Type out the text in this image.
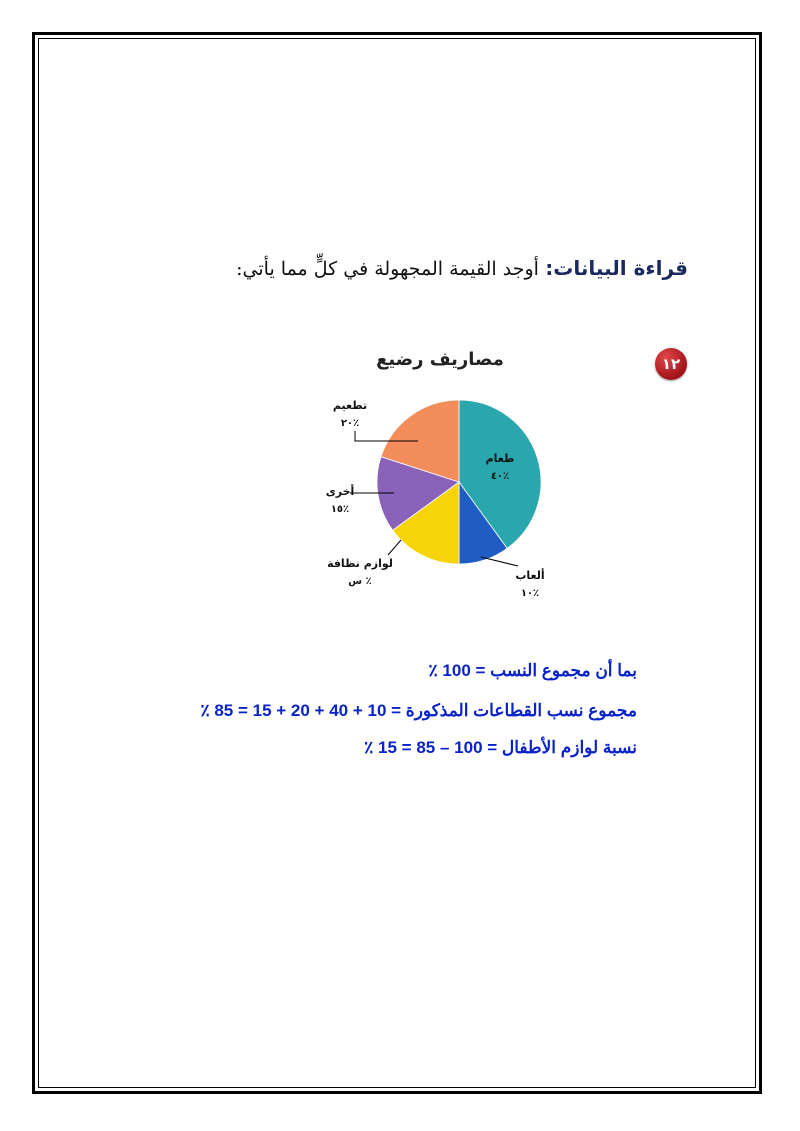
قراءة البيانات: أوجد القيمة المجهولة في كلٍّ مما يأتي:
١٢
مصاريف رضيع
طعام
٤٠٪
ألعاب
١٠٪
لوازم نظافة
س ٪
أخرى
١٥٪
تطعيم
٢٠٪
بما أن مجموع النسب = 100 ٪
مجموع نسب القطاعات المذكورة = 10 + 40 + 20 + 15 = 85 ٪
نسبة لوازم الأطفال = 100 – 85 = 15 ٪
